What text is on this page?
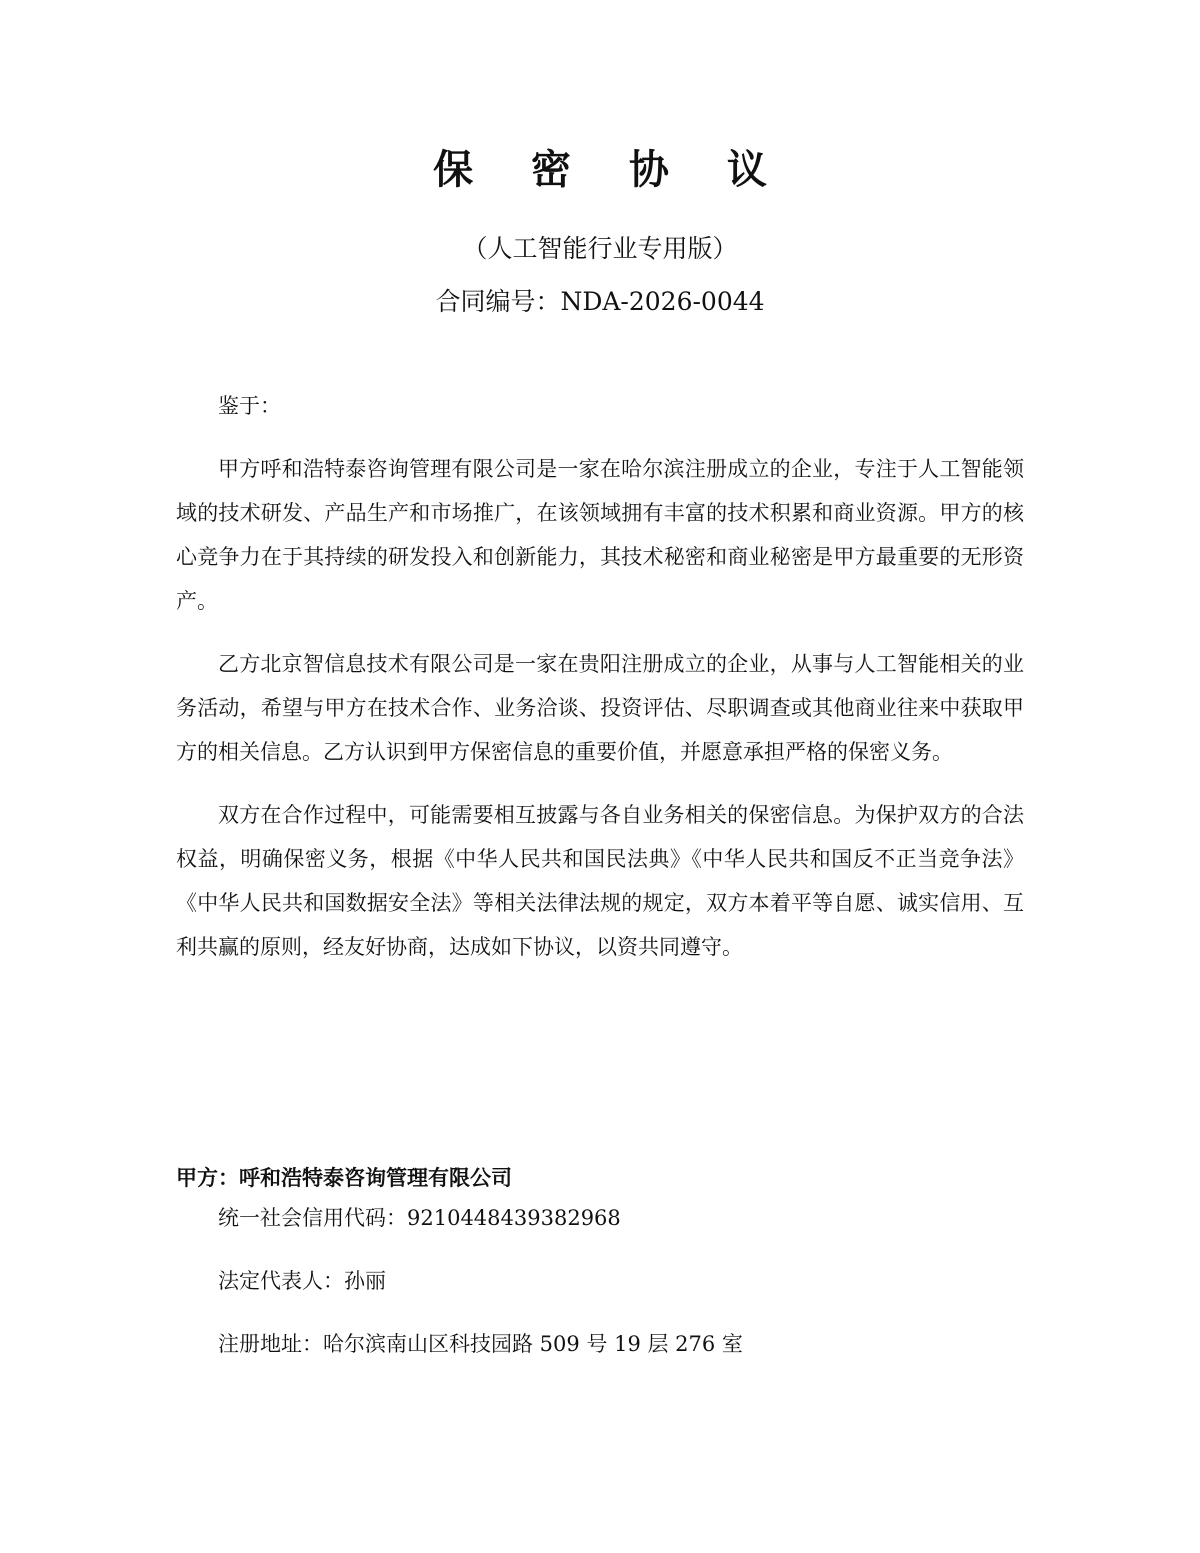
保 密 协 议
（人工智能行业专用版）
合同编号：NDA-2026-0044

鉴于：

甲方呼和浩特泰咨询管理有限公司是一家在哈尔滨注册成立的企业，专注于人工智能领域的技术研发、产品生产和市场推广，在该领域拥有丰富的技术积累和商业资源。甲方的核心竞争力在于其持续的研发投入和创新能力，其技术秘密和商业秘密是甲方最重要的无形资产。

乙方北京智信息技术有限公司是一家在贵阳注册成立的企业，从事与人工智能相关的业务活动，希望与甲方在技术合作、业务洽谈、投资评估、尽职调查或其他商业往来中获取甲方的相关信息。乙方认识到甲方保密信息的重要价值，并愿意承担严格的保密义务。

双方在合作过程中，可能需要相互披露与各自业务相关的保密信息。为保护双方的合法权益，明确保密义务，根据《中华人民共和国民法典》《中华人民共和国反不正当竞争法》《中华人民共和国数据安全法》等相关法律法规的规定，双方本着平等自愿、诚实信用、互利共赢的原则，经友好协商，达成如下协议，以资共同遵守。

甲方：呼和浩特泰咨询管理有限公司
统一社会信用代码：9210448439382968
法定代表人：孙丽
注册地址：哈尔滨南山区科技园路 509 号 19 层 276 室
